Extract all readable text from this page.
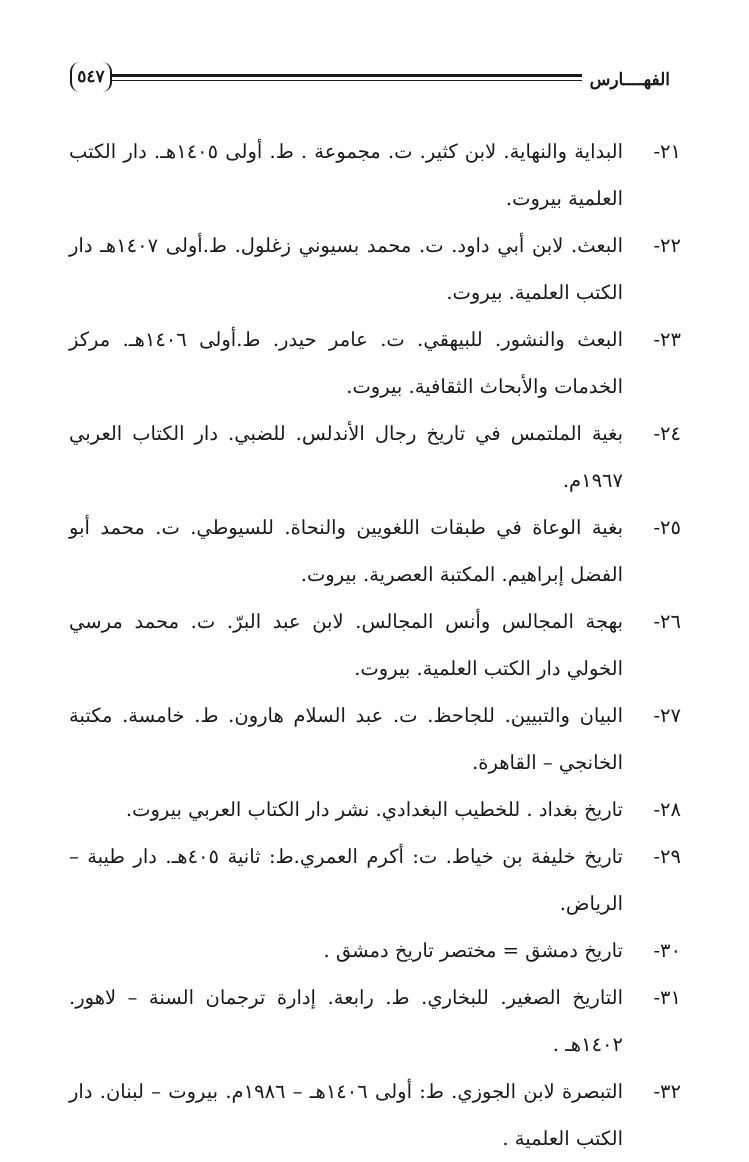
الفهــــارس
٥٤٧
٢١-
البداية والنهاية. لابن كثير. ت. مجموعة . ط. أولى ١٤٠٥هـ. دار الكتب العلمية بيروت.
٢٢-
البعث. لابن أبي داود. ت. محمد بسيوني زغلول. ط.أولى ١٤٠٧هـ دار الكتب العلمية. بيروت.
٢٣-
البعث والنشور. للبيهقي. ت. عامر حيدر. ط.أولى ١٤٠٦هـ. مركز الخدمات والأبحاث الثقافية. بيروت.
٢٤-
بغية الملتمس في تاريخ رجال الأندلس. للضبي. دار الكتاب العربي ١٩٦٧م.
٢٥-
بغية الوعاة في طبقات اللغويين والنحاة. للسيوطي. ت. محمد أبو الفضل إبراهيم. المكتبة العصرية. بيروت.
٢٦-
بهجة المجالس وأنس المجالس. لابن عبد البرّ. ت. محمد مرسي الخولي دار الكتب العلمية. بيروت.
٢٧-
البيان والتبيين. للجاحظ. ت. عبد السلام هارون. ط. خامسة. مكتبة الخانجي – القاهرة.
٢٨-
تاريخ بغداد . للخطيب البغدادي. نشر دار الكتاب العربي بيروت.
٢٩-
تاريخ خليفة بن خياط. ت: أكرم العمري.ط: ثانية ٤٠٥هـ. دار طيبة – الرياض.
٣٠-
تاريخ دمشق = مختصر تاريخ دمشق .
٣١-
التاريخ الصغير. للبخاري. ط. رابعة. إدارة ترجمان السنة – لاهور. ١٤٠٢هـ .
٣٢-
التبصرة لابن الجوزي. ط: أولى ١٤٠٦هـ – ١٩٨٦م. بيروت – لبنان. دار الكتب العلمية .
